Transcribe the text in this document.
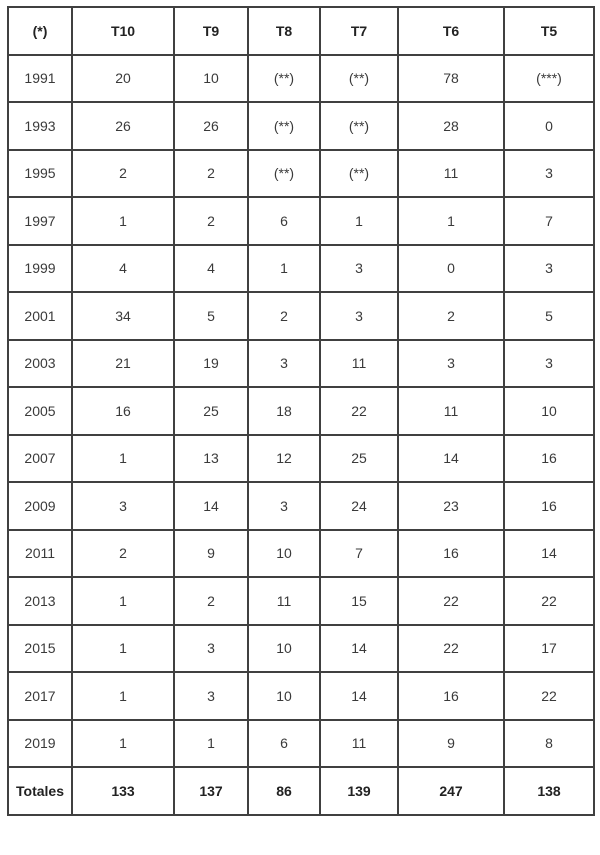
(*)	T10	T9	T8	T7	T6	T5
1991	20	10	(**)	(**)	78	(***)
1993	26	26	(**)	(**)	28	0
1995	2	2	(**)	(**)	11	3
1997	1	2	6	1	1	7
1999	4	4	1	3	0	3
2001	34	5	2	3	2	5
2003	21	19	3	11	3	3
2005	16	25	18	22	11	10
2007	1	13	12	25	14	16
2009	3	14	3	24	23	16
2011	2	9	10	7	16	14
2013	1	2	11	15	22	22
2015	1	3	10	14	22	17
2017	1	3	10	14	16	22
2019	1	1	6	11	9	8
Totales	133	137	86	139	247	138
